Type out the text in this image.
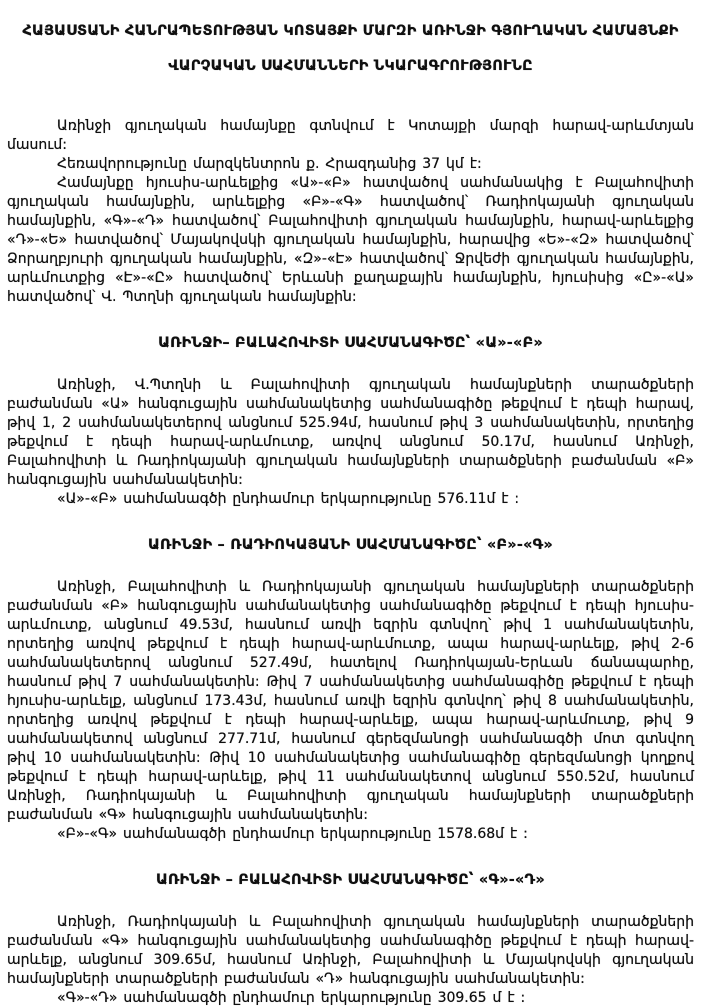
ՀԱՅԱՍՏԱՆԻ ՀԱՆՐԱՊԵՏՈՒԹՅԱՆ ԿՈՏԱՅՔԻ ՄԱՐԶԻ ԱՌԻՆՋԻ ԳՅՈՒՂԱԿԱՆ ՀԱՄԱՅՆՔԻ
ՎԱՐՉԱԿԱՆ ՍԱՀՄԱՆՆԵՐԻ ՆԿԱՐԱԳՐՈՒԹՅՈՒՆԸ

Առինջի գյուղական համայնքը գտնվում է Կոտայքի մարզի հարավ-արևմտյան մասում:

Հեռավորությունը մարզկենտրոն ք. Հրազդանից 37 կմ է:

Համայնքը հյուսիս-արևելքից «Ա»-«Բ» հատվածով սահմանակից է Բալահովիտի գյուղական համայնքին, արևելքից «Բ»-«Գ» հատվածով՝ Ռադիոկայանի գյուղական համայնքին, «Գ»-«Դ» հատվածով՝ Բալահովիտի գյուղական համայնքին, հարավ-արևելքից «Դ»-«Ե» հատվածով՝ Մայակովսկի գյուղական համայնքին, հարավից «Ե»-«Զ» հատվածով՝ Ձորաղբյուրի գյուղական համայնքին, «Զ»-«Է» հատվածով՝ Ջրվեժի գյուղական համայնքին, արևմուտքից «Է»-«Ը» հատվածով՝ Երևանի քաղաքային համայնքին, հյուսիսից «Ը»-«Ա» հատվածով՝ Վ. Պտղնի գյուղական համայնքին:

ԱՌԻՆՋԻ– ԲԱԼԱՀՈՎԻՏԻ ՍԱՀՄԱՆԱԳԻԾԸ՝ «Ա»-«Բ»

Առինջի, Վ.Պտղնի և Բալահովիտի գյուղական համայնքների տարածքների բաժանման «Ա» հանգուցային սահմանակետից սահմանագիծը թեքվում է դեպի հարավ, թիվ 1, 2 սահմանակետերով անցնում 525.94մ, հասնում թիվ 3 սահմանակետին, որտեղից թեքվում է դեպի հարավ-արևմուտք, առվով անցնում 50.17մ, հասնում Առինջի, Բալահովիտի և Ռադիոկայանի գյուղական համայնքների տարածքների բաժանման «Բ» հանգուցային սահմանակետին:

«Ա»-«Բ» սահմանագծի ընդհամուր երկարությունը 576.11մ է :

ԱՌԻՆՋԻ – ՌԱԴԻՈԿԱՅԱՆԻ ՍԱՀՄԱՆԱԳԻԾԸ՝ «Բ»-«Գ»

Առինջի, Բալահովիտի և Ռադիոկայանի գյուղական համայնքների տարածքների բաժանման «Բ» հանգուցային սահմանակետից սահմանագիծը թեքվում է դեպի հյուսիս-արևմուտք, անցնում 49.53մ, հասնում առվի եզրին գտնվող՝ թիվ 1 սահմանակետին, որտեղից առվով թեքվում է դեպի հարավ-արևմուտք, ապա հարավ-արևելք, թիվ 2-6 սահմանակետերով անցնում 527.49մ, հատելով Ռադիոկայան-Երևան ճանապարհը, հասնում թիվ 7 սահմանակետին: Թիվ 7 սահմանակետից սահմանագիծը թեքվում է դեպի հյուսիս-արևելք, անցնում 173.43մ, հասնում առվի եզրին գտնվող՝ թիվ 8 սահմանակետին, որտեղից առվով թեքվում է դեպի հարավ-արևելք, ապա հարավ-արևմուտք, թիվ 9 սահմանակետով անցնում 277.71մ, հասնում գերեզմանոցի սահմանագծի մոտ գտնվող թիվ 10 սահմանակետին: Թիվ 10 սահմանակետից սահմանագիծը գերեզմանոցի կողքով թեքվում է դեպի հարավ-արևելք, թիվ 11 սահմանակետով անցնում 550.52մ, հասնում Առինջի, Ռադիոկայանի և Բալահովիտի գյուղական համայնքների տարածքների բաժանման «Գ» հանգուցային սահմանակետին:

«Բ»-«Գ» սահմանագծի ընդհամուր երկարությունը 1578.68մ է :

ԱՌԻՆՋԻ – ԲԱԼԱՀՈՎԻՏԻ ՍԱՀՄԱՆԱԳԻԾԸ՝ «Գ»-«Դ»

Առինջի, Ռադիոկայանի և Բալահովիտի գյուղական համայնքների տարածքների բաժանման «Գ» հանգուցային սահմանակետից սահմանագիծը թեքվում է դեպի հարավ-արևելք, անցնում 309.65մ, հասնում Առինջի, Բալահովիտի և Մայակովսկի գյուղական համայնքների տարածքների բաժանման «Դ» հանգուցային սահմանակետին:

«Գ»-«Դ» սահմանագծի ընդհամուր երկարությունը 309.65 մ է :
